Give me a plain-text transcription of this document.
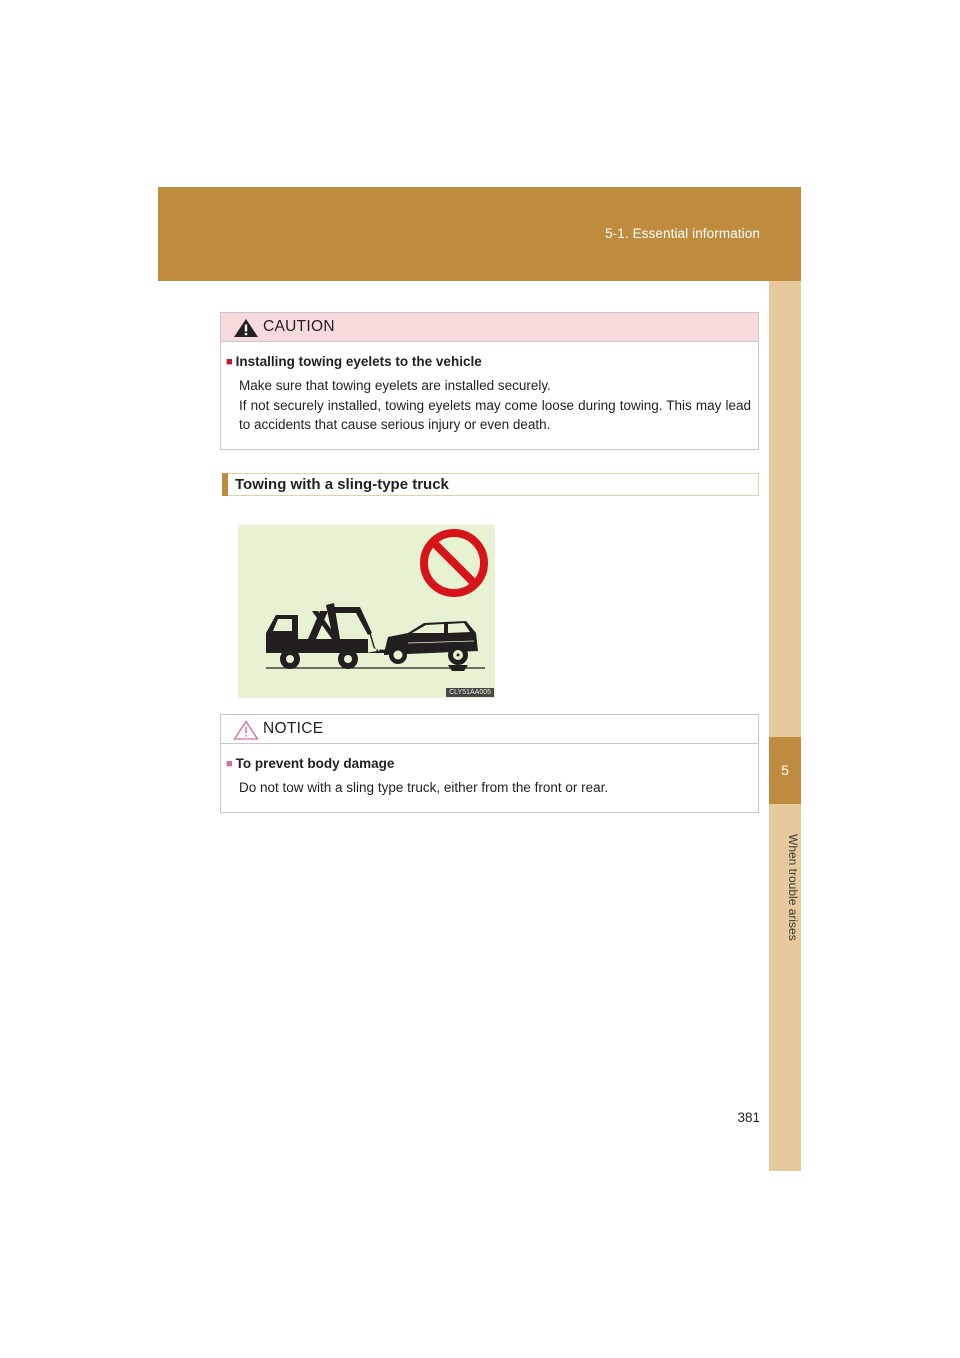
5-1. Essential information
5
When trouble arises
CAUTION
■ Installing towing eyelets to the vehicle

Make sure that towing eyelets are installed securely.

If not securely installed, towing eyelets may come loose during towing. This may lead to accidents that cause serious injury or even death.

Towing with a sling-type truck
CLY51AA005
NOTICE
■ To prevent body damage

Do not tow with a sling type truck, either from the front or rear.

381
